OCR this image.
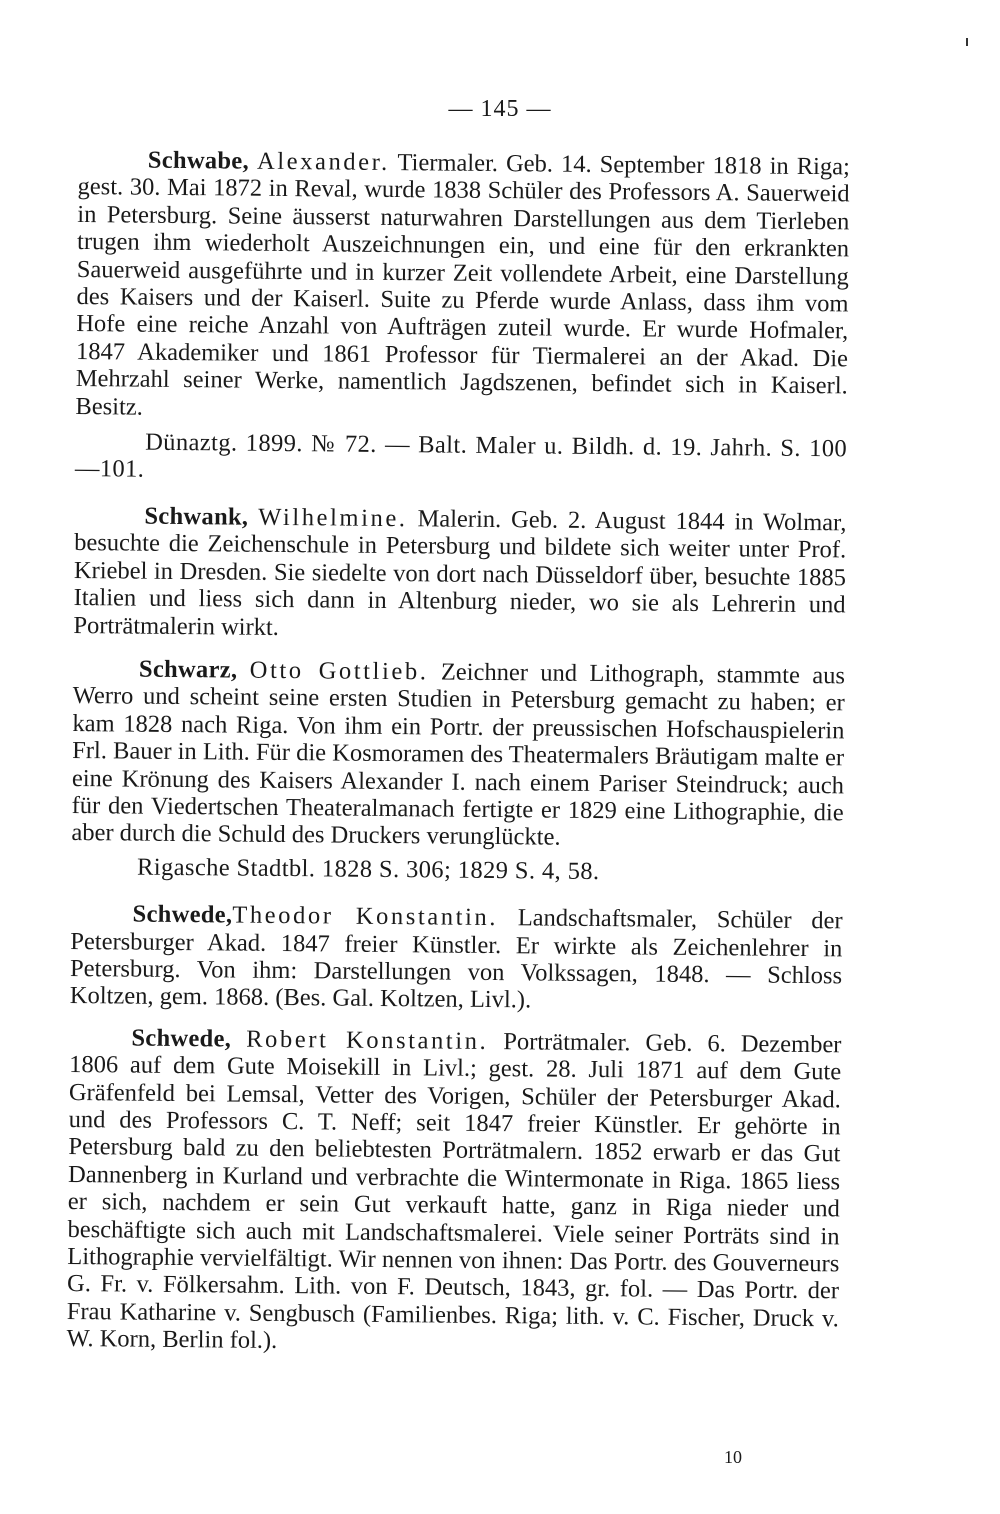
— 145 —

Schwabe, Alexander. Tiermaler. Geb. 14. September 1818 in Riga; gest. 30. Mai 1872 in Reval, wurde 1838 Schüler des Professors A. Sauerweid in Petersburg. Seine äusserst naturwahren Darstellungen aus dem Tierleben trugen ihm wiederholt Auszeichnungen ein, und eine für den erkrankten Sauerweid ausgeführte und in kurzer Zeit vollendete Arbeit, eine Darstellung des Kaisers und der Kaiserl. Suite zu Pferde wurde Anlass, dass ihm vom Hofe eine reiche Anzahl von Aufträgen zuteil wurde. Er wurde Hofmaler, 1847 Akademiker und 1861 Professor für Tiermalerei an der Akad. Die Mehrzahl seiner Werke, namentlich Jagdszenen, befindet sich in Kaiserl. Besitz.

Dünaztg. 1899. № 72. — Balt. Maler u. Bildh. d. 19. Jahrh. S. 100—101.

Schwank, Wilhelmine. Malerin. Geb. 2. August 1844 in Wolmar, besuchte die Zeichenschule in Petersburg und bildete sich weiter unter Prof. Kriebel in Dresden. Sie siedelte von dort nach Düsseldorf über, besuchte 1885 Italien und liess sich dann in Altenburg nieder, wo sie als Lehrerin und Porträtmalerin wirkt.

Schwarz, Otto Gottlieb. Zeichner und Lithograph, stammte aus Werro und scheint seine ersten Studien in Petersburg gemacht zu haben; er kam 1828 nach Riga. Von ihm ein Portr. der preussischen Hofschauspielerin Frl. Bauer in Lith. Für die Kosmoramen des Theatermalers Bräutigam malte er eine Krönung des Kaisers Alexander I. nach einem Pariser Steindruck; auch für den Viedertschen Theateralmanach fertigte er 1829 eine Lithographie, die aber durch die Schuld des Druckers verunglückte.

Rigasche Stadtbl. 1828 S. 306; 1829 S. 4, 58.

Schwede,Theodor Konstantin. Landschaftsmaler, Schüler der Petersburger Akad. 1847 freier Künstler. Er wirkte als Zeichenlehrer in Petersburg. Von ihm: Darstellungen von Volkssagen, 1848. — Schloss Koltzen, gem. 1868. (Bes. Gal. Koltzen, Livl.).

Schwede, Robert Konstantin. Porträtmaler. Geb. 6. Dezember 1806 auf dem Gute Moisekill in Livl.; gest. 28. Juli 1871 auf dem Gute Gräfenfeld bei Lemsal, Vetter des Vorigen, Schüler der Petersburger Akad. und des Professors C. T. Neff; seit 1847 freier Künstler. Er gehörte in Petersburg bald zu den beliebtesten Porträtmalern. 1852 erwarb er das Gut Dannenberg in Kurland und verbrachte die Wintermonate in Riga. 1865 liess er sich, nachdem er sein Gut verkauft hatte, ganz in Riga nieder und beschäftigte sich auch mit Landschaftsmalerei. Viele seiner Porträts sind in Lithographie vervielfältigt. Wir nennen von ihnen: Das Portr. des Gouverneurs G. Fr. v. Fölkersahm. Lith. von F. Deutsch, 1843, gr. fol. — Das Portr. der Frau Katharine v. Sengbusch (Familienbes. Riga; lith. v. C. Fischer, Druck v. W. Korn, Berlin fol.).

10
